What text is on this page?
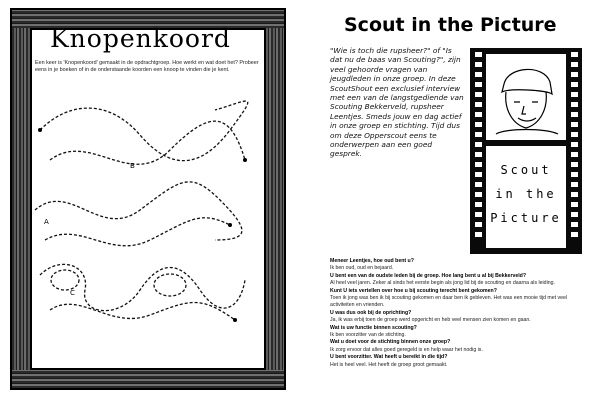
Knopenkoord
Een keer is 'Knopenkoord' gemaakt in de opdrachtgroep. Hoe werkt en wat doet het? Probeer eens in je boeken of in de onderstaande koorden een knoop te vinden die je kent.
A
B
C
Scout in the Picture
"Wie is toch die rupsheer?" of "Is dat nu de baas van Scouting?", zijn veel gehoorde vragen van jeugdleden in onze groep. In deze ScoutShout een exclusief interview met een van de langstgediende van Scouting Bekkerveld, rupsheer Leentjes. Smeds jouw en dag actief in onze groep en stichting. Tijd dus om deze Opperscout eens te onderwerpen aan een goed gesprek.
Scout
in the
Picture

Meneer Leentjes, hoe oud bent u?

Ik ben oud, oud en bejaard.

U bent een van de oudste leden bij de groep. Hoe lang bent u al bij Bekkerveld?

Al heel veel jaren. Zeker al sinds het eerste begin als jong lid bij de scouting en daarna als leiding.

Kunt U iets vertellen over hoe u bij scouting terecht bent gekomen?

Toen ik jong was ben ik bij scouting gekomen en daar ben ik gebleven. Het was een mooie tijd met veel activiteiten en vrienden.

U was dus ook bij de oprichting?

Ja, ik was erbij toen de groep werd opgericht en heb veel mensen zien komen en gaan.

Wat is uw functie binnen scouting?

Ik ben voorzitter van de stichting.

Wat u doet voor de stichting binnen onze groep?

Ik zorg ervoor dat alles goed geregeld is en help waar het nodig is.

U bent voorzitter. Wat heeft u bereikt in die tijd?

Het is heel veel. Het heeft de groep groot gemaakt.
